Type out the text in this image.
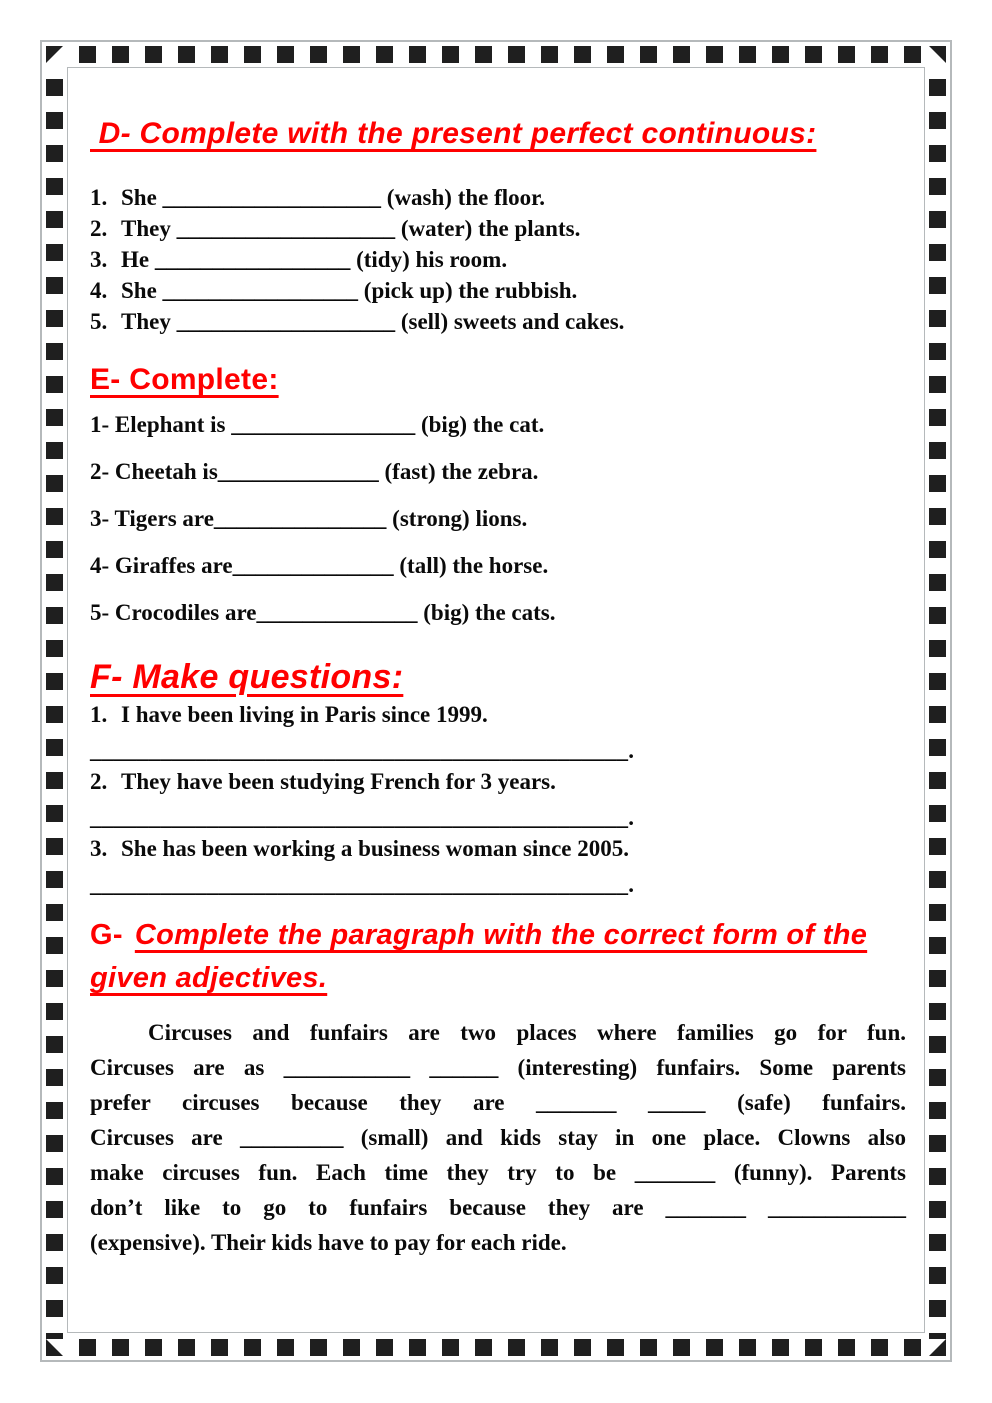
D- Complete with the present perfect continuous:
1. She ___________________ (wash) the floor.
2. They ___________________ (water) the plants.
3. He _________________ (tidy) his room.
4. She _________________ (pick up) the rubbish.
5. They ___________________ (sell) sweets and cakes.
E- Complete:
1- Elephant is ________________ (big) the cat.
2- Cheetah is______________ (fast) the zebra.
3- Tigers are_______________ (strong) lions.
4- Giraffes are______________ (tall) the horse.
5- Crocodiles are______________ (big) the cats.
F- Make questions:
1. I have been living in Paris since 1999.
______________________________________________.
2. They have been studying French for 3 years.
______________________________________________.
3. She has been working a business woman since 2005.
______________________________________________.
G- Complete the paragraph with the correct form of the given adjectives.
Circuses and funfairs are two places where families go for fun.
Circuses are as ___________ ______ (interesting) funfairs. Some parents
prefer circuses because they are _______ _____ (safe) funfairs.
Circuses are _________ (small) and kids stay in one place. Clowns also
make circuses fun. Each time they try to be _______ (funny). Parents
don’t like to go to funfairs because they are _______ ____________
(expensive). Their kids have to pay for each ride.
